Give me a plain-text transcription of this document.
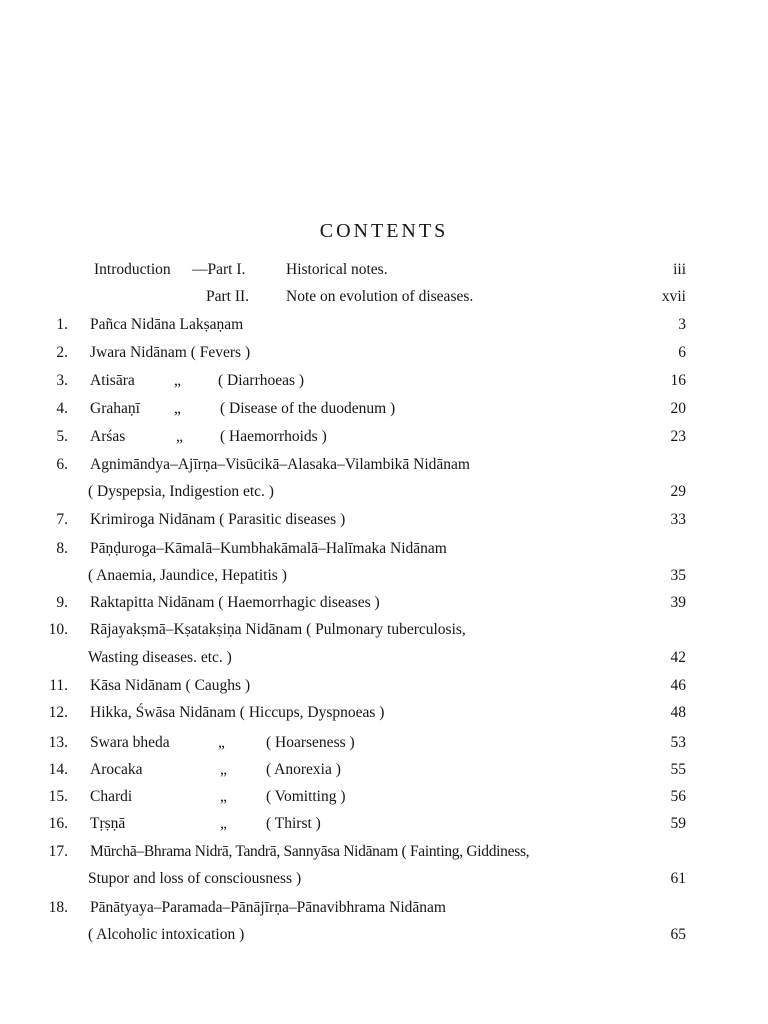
CONTENTS
Introduction —Part I.	Historical notes.	iii
Part II. Note on evolution of diseases.	xvii
1. Pañca Nidāna Lakṣaṇam	3
2. Jwara Nidānam ( Fevers )	6
3. Atisāra	„ ( Diarrhoeas )	16
4. Grahaṇī „	( Disease of the duodenum )	20
5. Arśas	„ ( Haemorrhoids )	23
6. Agnimāndya–Ajīrṇa–Visūcikā–Alasaka–Vilambikā Nidānam
( Dyspepsia, Indigestion etc. )	29
7. Krimiroga Nidānam ( Parasitic diseases )	33
8. Pāṇḍuroga–Kāmalā–Kumbhakāmalā–Halīmaka Nidānam
( Anaemia, Jaundice, Hepatitis )	35
9. Raktapitta Nidānam ( Haemorrhagic diseases )	39
10. Rājayakṣmā–Kṣatakṣiṇa Nidānam ( Pulmonary tuberculosis,
Wasting diseases. etc. )	42
11. Kāsa Nidānam ( Caughs )	46
12. Hikka, Śwāsa Nidānam ( Hiccups, Dyspnoeas )	48
13. Swara bheda	„	( Hoarseness )	53
14. Arocaka	„	( Anorexia )	55
15. Chardi	„	( Vomitting )	56
16. Tṛṣṇā	„	( Thirst )	59
17. Mūrchā–Bhrama Nidrā, Tandrā, Sannyāsa Nidānam ( Fainting, Giddiness,
Stupor and loss of consciousness )	61
18. Pānātyaya–Paramada–Pānājīrṇa–Pānavibhrama Nidānam
( Alcoholic intoxication )	65
